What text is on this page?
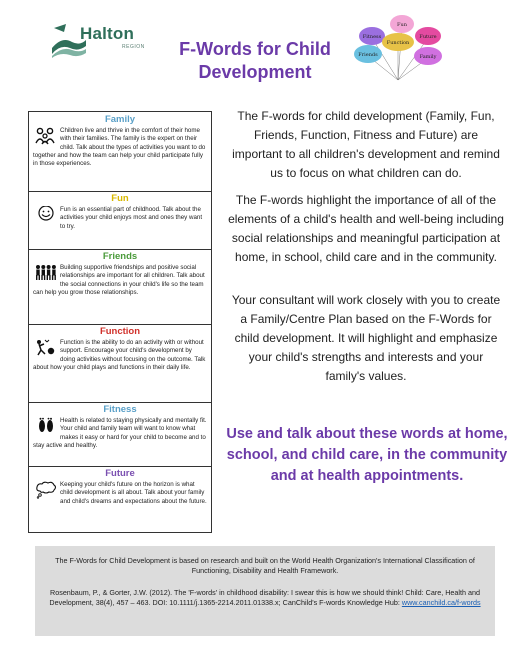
Halton
REGION	F-Words for Child
Development
Fun
Fitness	Future
Function
Friends	Family
Family
Children live and thrive in the comfort of their home with their families. The family is the expert on their child. Talk about the types of activities you want to do together and how the team can help your child participate fully in those experiences.
Fun
Fun is an essential part of childhood. Talk about the activities your child enjoys most and ones they want to try.
Friends
Building supportive friendships and positive social relationships are important for all children. Talk about the social connections in your child's life so the team can help you grow those relationships.
Function
Function is the ability to do an activity with or without support. Encourage your child's development by doing activities without focusing on the outcome. Talk about how your child plays and functions in their daily life.
Fitness
Health is related to staying physically and mentally fit. Your child and family team will want to know what makes it easy or hard for your child to become and to stay active and healthy.
Future
Keeping your child's future on the horizon is what child development is all about. Talk about your family and child's dreams and expectations about the future.
The F-words for child development (Family, Fun, Friends, Function, Fitness and Future) are important to all children's development and remind us to focus on what children can do.
The F-words highlight the importance of all of the elements of a child's health and well-being including social relationships and meaningful participation at home, in school, child care and in the community.
Your consultant will work closely with you to create a Family/Centre Plan based on the F-Words for child development. It will highlight and emphasize your child's strengths and interests and your family's values.
Use and talk about these words at home, school, and child care, in the community and at health appointments.
The F-Words for Child Development is based on research and built on the World Health Organization's International Classification of Functioning, Disability and Health Framework.
Rosenbaum, P., & Gorter, J.W. (2012). The 'F-words' in childhood disability: I swear this is how we should think! Child: Care, Health and Development, 38(4), 457 – 463. DOI: 10.1111/j.1365-2214.2011.01338.x; CanChild's F-words Knowledge Hub: www.canchild.ca/f-words
